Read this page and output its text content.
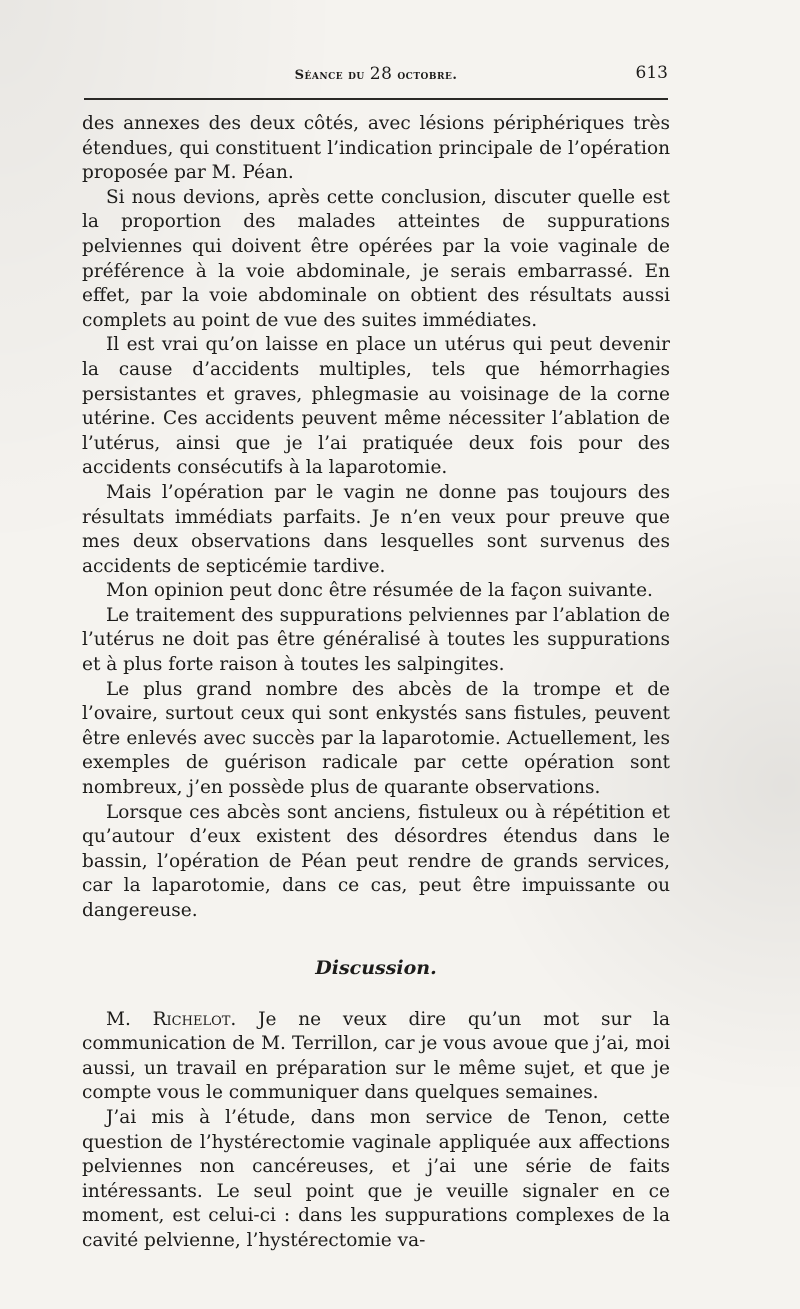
Séance du 28 octobre.	613

des annexes des deux côtés, avec lésions périphériques très étendues, qui constituent l’indication principale de l’opération proposée par M. Péan.

Si nous devions, après cette conclusion, discuter quelle est la proportion des malades atteintes de suppurations pelviennes qui doivent être opérées par la voie vaginale de préférence à la voie abdominale, je serais embarrassé. En effet, par la voie abdominale on obtient des résultats aussi complets au point de vue des suites immédiates.

Il est vrai qu’on laisse en place un utérus qui peut devenir la cause d’accidents multiples, tels que hémorrhagies persistantes et graves, phlegmasie au voisinage de la corne utérine. Ces accidents peuvent même nécessiter l’ablation de l’utérus, ainsi que je l’ai pratiquée deux fois pour des accidents consécutifs à la laparotomie.

Mais l’opération par le vagin ne donne pas toujours des résultats immédiats parfaits. Je n’en veux pour preuve que mes deux observations dans lesquelles sont survenus des accidents de septicémie tardive.

Mon opinion peut donc être résumée de la façon suivante.

Le traitement des suppurations pelviennes par l’ablation de l’utérus ne doit pas être généralisé à toutes les suppurations et à plus forte raison à toutes les salpingites.

Le plus grand nombre des abcès de la trompe et de l’ovaire, surtout ceux qui sont enkystés sans fistules, peuvent être enlevés avec succès par la laparotomie. Actuellement, les exemples de guérison radicale par cette opération sont nombreux, j’en possède plus de quarante observations.

Lorsque ces abcès sont anciens, fistuleux ou à répétition et qu’autour d’eux existent des désordres étendus dans le bassin, l’opération de Péan peut rendre de grands services, car la laparotomie, dans ce cas, peut être impuissante ou dangereuse.

Discussion.

M. Richelot. Je ne veux dire qu’un mot sur la communication de M. Terrillon, car je vous avoue que j’ai, moi aussi, un travail en préparation sur le même sujet, et que je compte vous le communiquer dans quelques semaines.

J’ai mis à l’étude, dans mon service de Tenon, cette question de l’hystérectomie vaginale appliquée aux affections pelviennes non cancéreuses, et j’ai une série de faits intéressants. Le seul point que je veuille signaler en ce moment, est celui-ci : dans les suppurations complexes de la cavité pelvienne, l’hystérectomie va-
